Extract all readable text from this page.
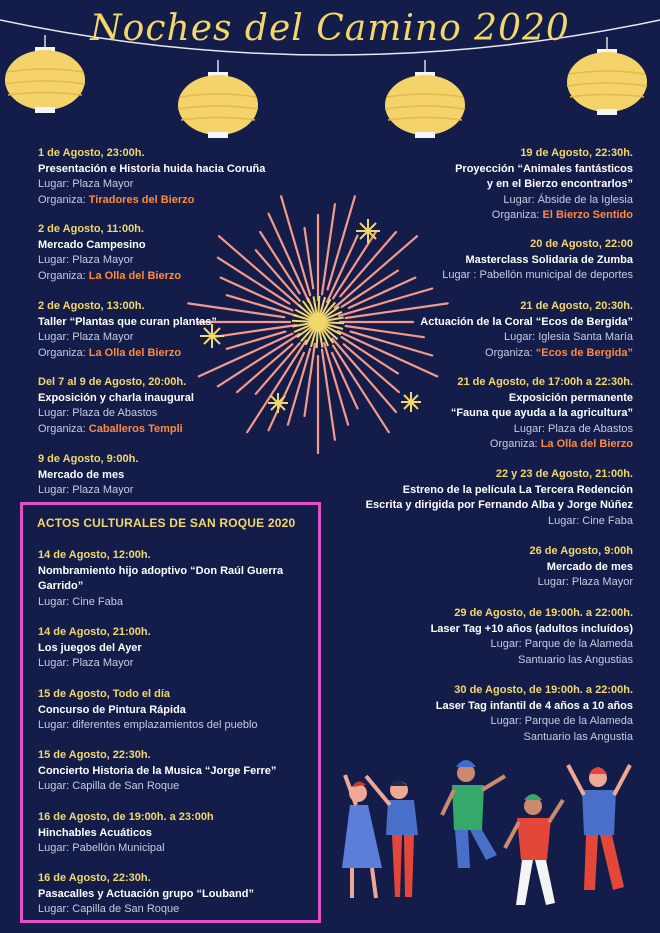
Noches del Camino 2020
1 de Agosto, 23:00h.
Presentación e Historia huida hacia Coruña
Lugar: Plaza Mayor
Organiza: Tiradores del Bierzo
2 de Agosto, 11:00h.
Mercado Campesino
Lugar: Plaza Mayor
Organiza: La Olla del Bierzo
2 de Agosto, 13:00h.
Taller “Plantas que curan plantas”
Lugar: Plaza Mayor
Organiza: La Olla del Bierzo
Del 7 al 9 de Agosto, 20:00h.
Exposición y charla inaugural
Lugar: Plaza de Abastos
Organiza: Caballeros Templi
9 de Agosto, 9:00h.
Mercado de mes
Lugar: Plaza Mayor
19 de Agosto, 22:30h.
Proyección “Animales fantásticos
y en el Bierzo encontrarlos”
Lugar: Ábside de la Iglesia
Organiza: El Bierzo Sentido
20 de Agosto, 22:00
Masterclass Solidaria de Zumba
Lugar : Pabellón municipal de deportes
21 de Agosto, 20:30h.
Actuación de la Coral “Ecos de Bergida”
Lugar: Iglesia Santa María
Organiza: “Ecos de Bergida”
21 de Agosto, de 17:00h a 22:30h.
Exposición permanente
“Fauna que ayuda a la agricultura”
Lugar: Plaza de Abastos
Organiza: La Olla del Bierzo
22 y 23 de Agosto, 21:00h.
Estreno de la película La Tercera Redención
Escrita y dirigida por Fernando Alba y Jorge Núñez
Lugar: Cine Faba
26 de Agosto, 9:00h
Mercado de mes
Lugar: Plaza Mayor
29 de Agosto, de 19:00h. a 22:00h.
Laser Tag +10 años (adultos incluídos)
Lugar: Parque de la Alameda
Santuario las Angustias
30 de Agosto, de 19:00h. a 22:00h.
Laser Tag infantil de 4 años a 10 años
Lugar: Parque de la Alameda
Santuario las Angustia
ACTOS CULTURALES DE SAN ROQUE 2020
14 de Agosto, 12:00h.
Nombramiento hijo adoptivo “Don Raúl Guerra
Garrido”
Lugar: Cine Faba
14 de Agosto, 21:00h.
Los juegos del Ayer
Lugar: Plaza Mayor
15 de Agosto, Todo el día
Concurso de Pintura Rápida
Lugar: diferentes emplazamientos del pueblo
15 de Agosto, 22:30h.
Concierto Historia de la Musica “Jorge Ferre”
Lugar: Capilla de San Roque
16 de Agosto, de 19:00h. a 23:00h
Hinchables Acuáticos
Lugar: Pabellón Municipal
16 de Agosto, 22:30h.
Pasacalles y Actuación grupo “Louband”
Lugar: Capilla de San Roque
